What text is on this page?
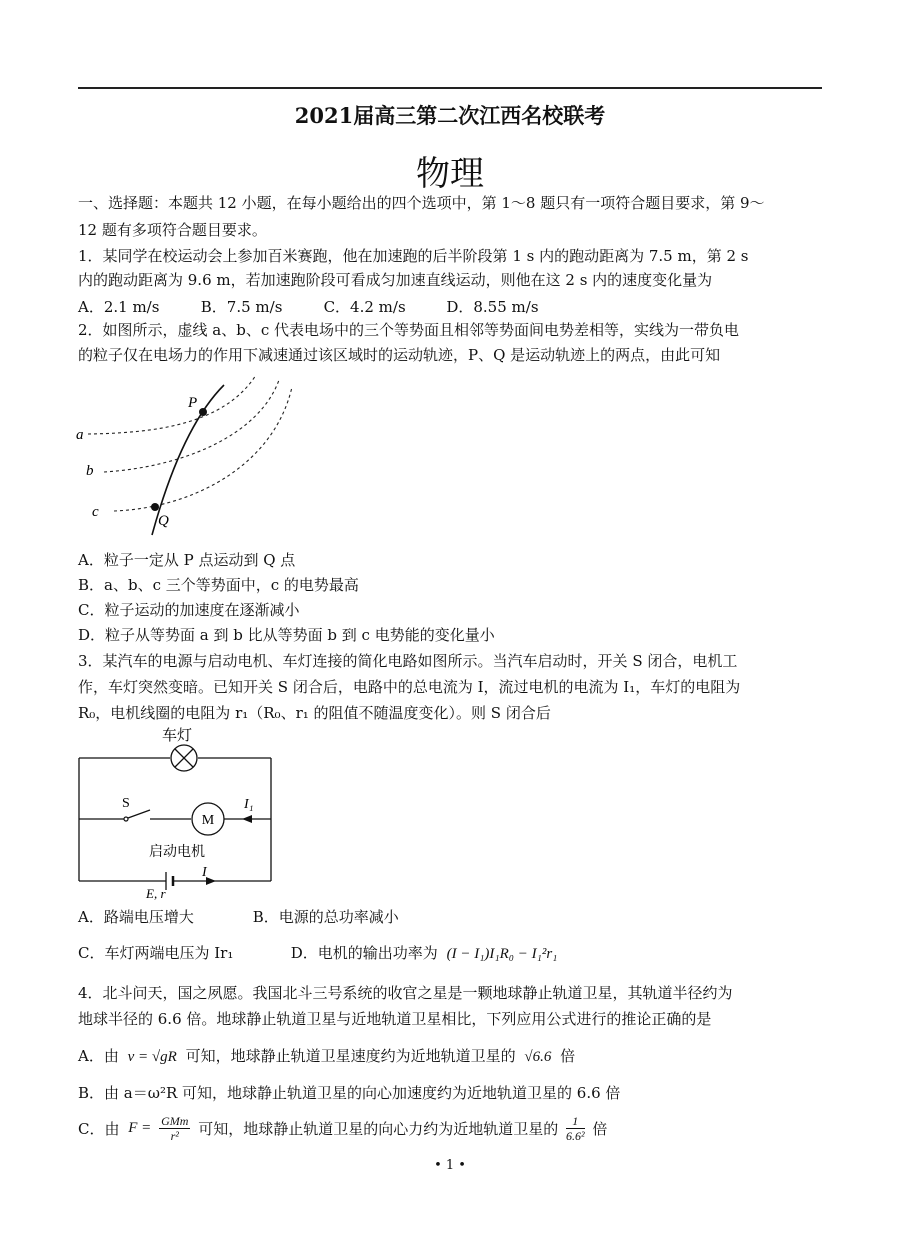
2021届高三第二次江西名校联考
物理
一、选择题：本题共 12 小题，在每小题给出的四个选项中，第 1～8 题只有一项符合题目要求，第 9～
12 题有多项符合题目要求。
1．某同学在校运动会上参加百米赛跑，他在加速跑的后半阶段第 1 s 内的跑动距离为 7.5 m，第 2 s
内的跑动距离为 9.6 m，若加速跑阶段可看成匀加速直线运动，则他在这 2 s 内的速度变化量为
A．2.1 m/s	B．7.5 m/s	C．4.2 m/s	D．8.55 m/s
2．如图所示，虚线 a、b、c 代表电场中的三个等势面且相邻等势面间电势差相等，实线为一带负电
的粒子仅在电场力的作用下减速通过该区域时的运动轨迹，P、Q 是运动轨迹上的两点，由此可知
a
b
c
P
Q
A．粒子一定从 P 点运动到 Q 点
B．a、b、c 三个等势面中，c 的电势最高
C．粒子运动的加速度在逐渐减小
D．粒子从等势面 a 到 b 比从等势面 b 到 c 电势能的变化量小
3．某汽车的电源与启动电机、车灯连接的简化电路如图所示。当汽车启动时，开关 S 闭合，电机工
作，车灯突然变暗。已知开关 S 闭合后，电路中的总电流为 I，流过电机的电流为 I₁，车灯的电阻为
R₀，电机线圈的电阻为 r₁（R₀、r₁ 的阻值不随温度变化）。则 S 闭合后
车灯
S
M
I₁
启动电机
I
E, r
A．路端电压增大	B．电源的总功率减小
C．车灯两端电压为 Ir₁	D．电机的输出功率为 (I − I₁)I₁R₀ − I₁²r₁
4．北斗问天，国之夙愿。我国北斗三号系统的收官之星是一颗地球静止轨道卫星，其轨道半径约为
地球半径的 6.6 倍。地球静止轨道卫星与近地轨道卫星相比，下列应用公式进行的推论正确的是
A．由 v = √gR 可知，地球静止轨道卫星速度约为近地轨道卫星的 √6.6 倍
B．由 a＝ω²R 可知，地球静止轨道卫星的向心加速度约为近地轨道卫星的 6.6 倍
C．由 $F = \frac{\text{GMm}}{\text{r²}}$ 可知，地球静止轨道卫星的向心力约为近地轨道卫星的 $\frac{1}{\text{6.6²}}$ 倍
• 1 •
